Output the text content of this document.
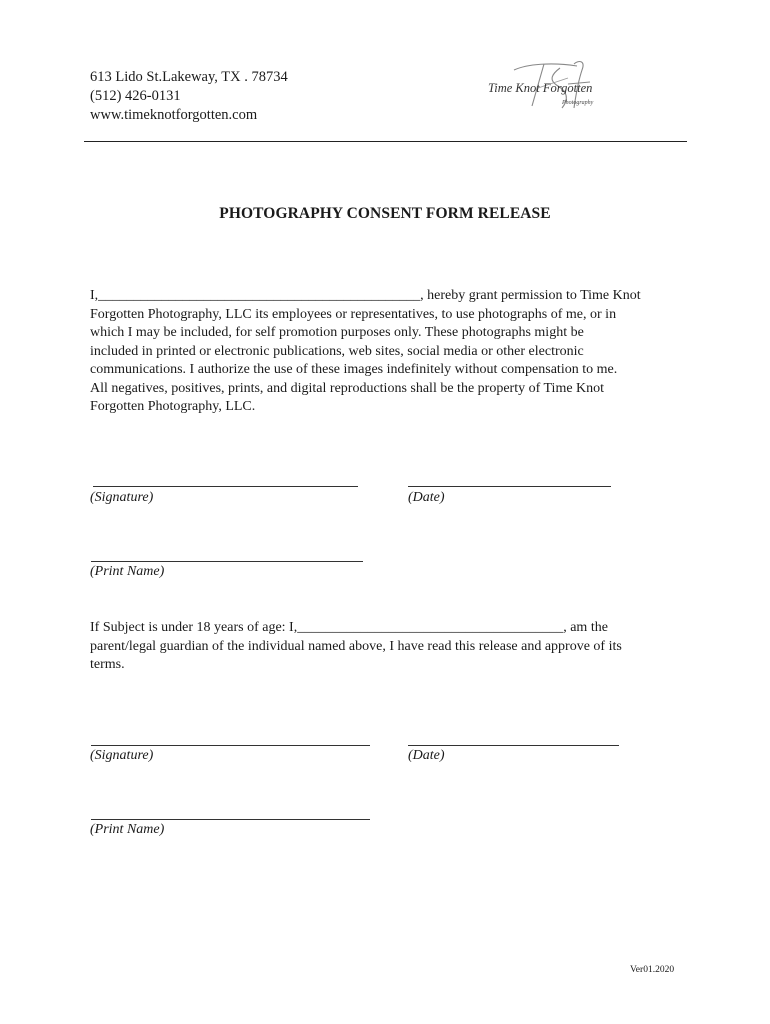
613 Lido St.Lakeway, TX . 78734
(512) 426-0131
www.timeknotforgotten.com
Time Knot Forgotten
Photography
PHOTOGRAPHY CONSENT FORM RELEASE
I,______________________________________________, hereby grant permission to Time Knot
Forgotten Photography, LLC its employees or representatives, to use photographs of me, or in
which I may be included, for self promotion purposes only. These photographs might be
included in printed or electronic publications, web sites, social media or other electronic
communications. I authorize the use of these images indefinitely without compensation to me.
All negatives, positives, prints, and digital reproductions shall be the property of Time Knot
Forgotten Photography, LLC.
(Signature)	(Date)
(Print Name)
If Subject is under 18 years of age: I,______________________________________, am the
parent/legal guardian of the individual named above, I have read this release and approve of its
terms.
(Signature)	(Date)
(Print Name)
Ver01.2020
